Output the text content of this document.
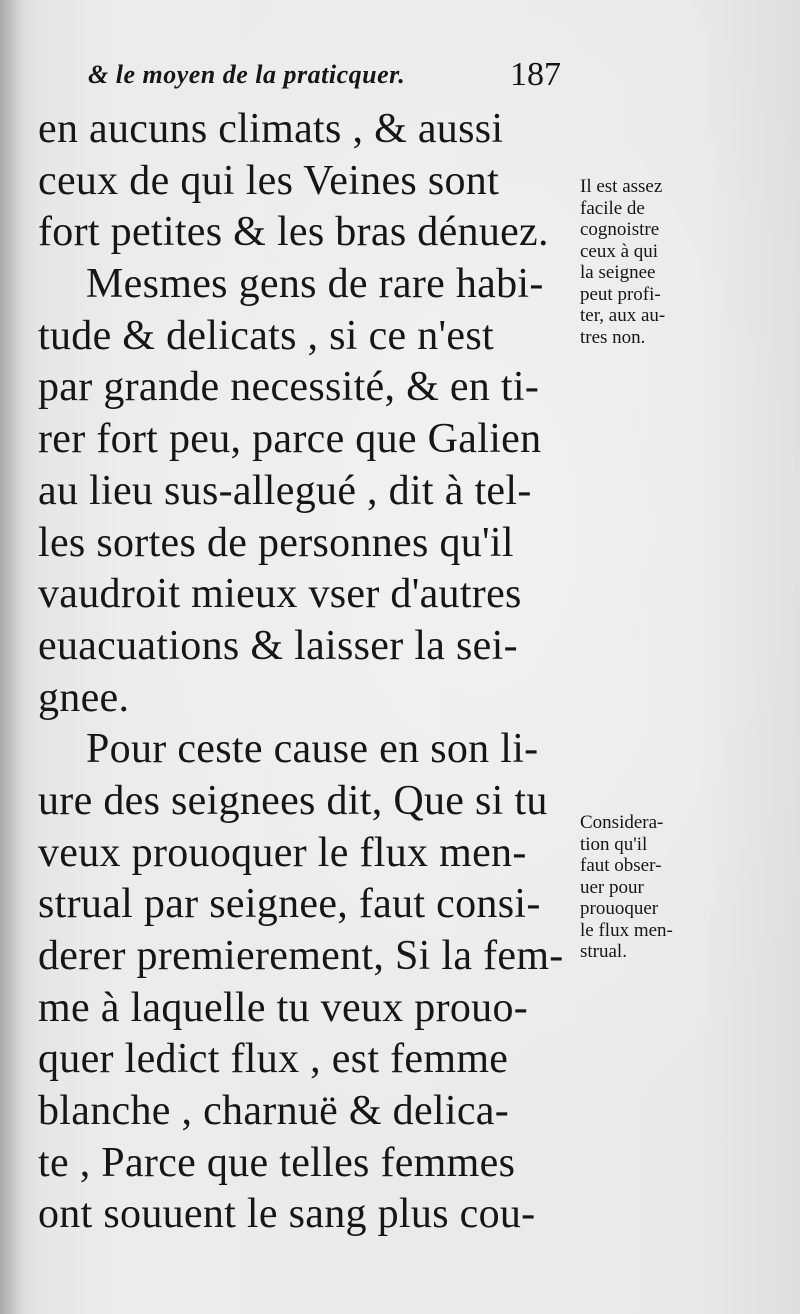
& le moyen de la praticquer.	187
en aucuns climats , & aussi
ceux de qui les Veines sont
fort petites & les bras dénuez.
Mesmes gens de rare habi-
tude & delicats , si ce n'est
par grande necessité, & en ti-
rer fort peu, parce que Galien
au lieu sus-allegué , dit à tel-
les sortes de personnes qu'il
vaudroit mieux vser d'autres
euacuations & laisser la sei-
gnee.
Pour ceste cause en son li-
ure des seignees dit, Que si tu
veux prouoquer le flux men-
strual par seignee, faut consi-
derer premierement, Si la fem-
me à laquelle tu veux prouo-
quer ledict flux , est femme
blanche , charnuë & delica-
te , Parce que telles femmes
ont souuent le sang plus cou-
Il est assez
facile de
cognoistre
ceux à qui
la seignee
peut profi-
ter, aux au-
tres non.
Considera-
tion qu'il
faut obser-
uer pour
prouoquer
le flux men-
strual.
